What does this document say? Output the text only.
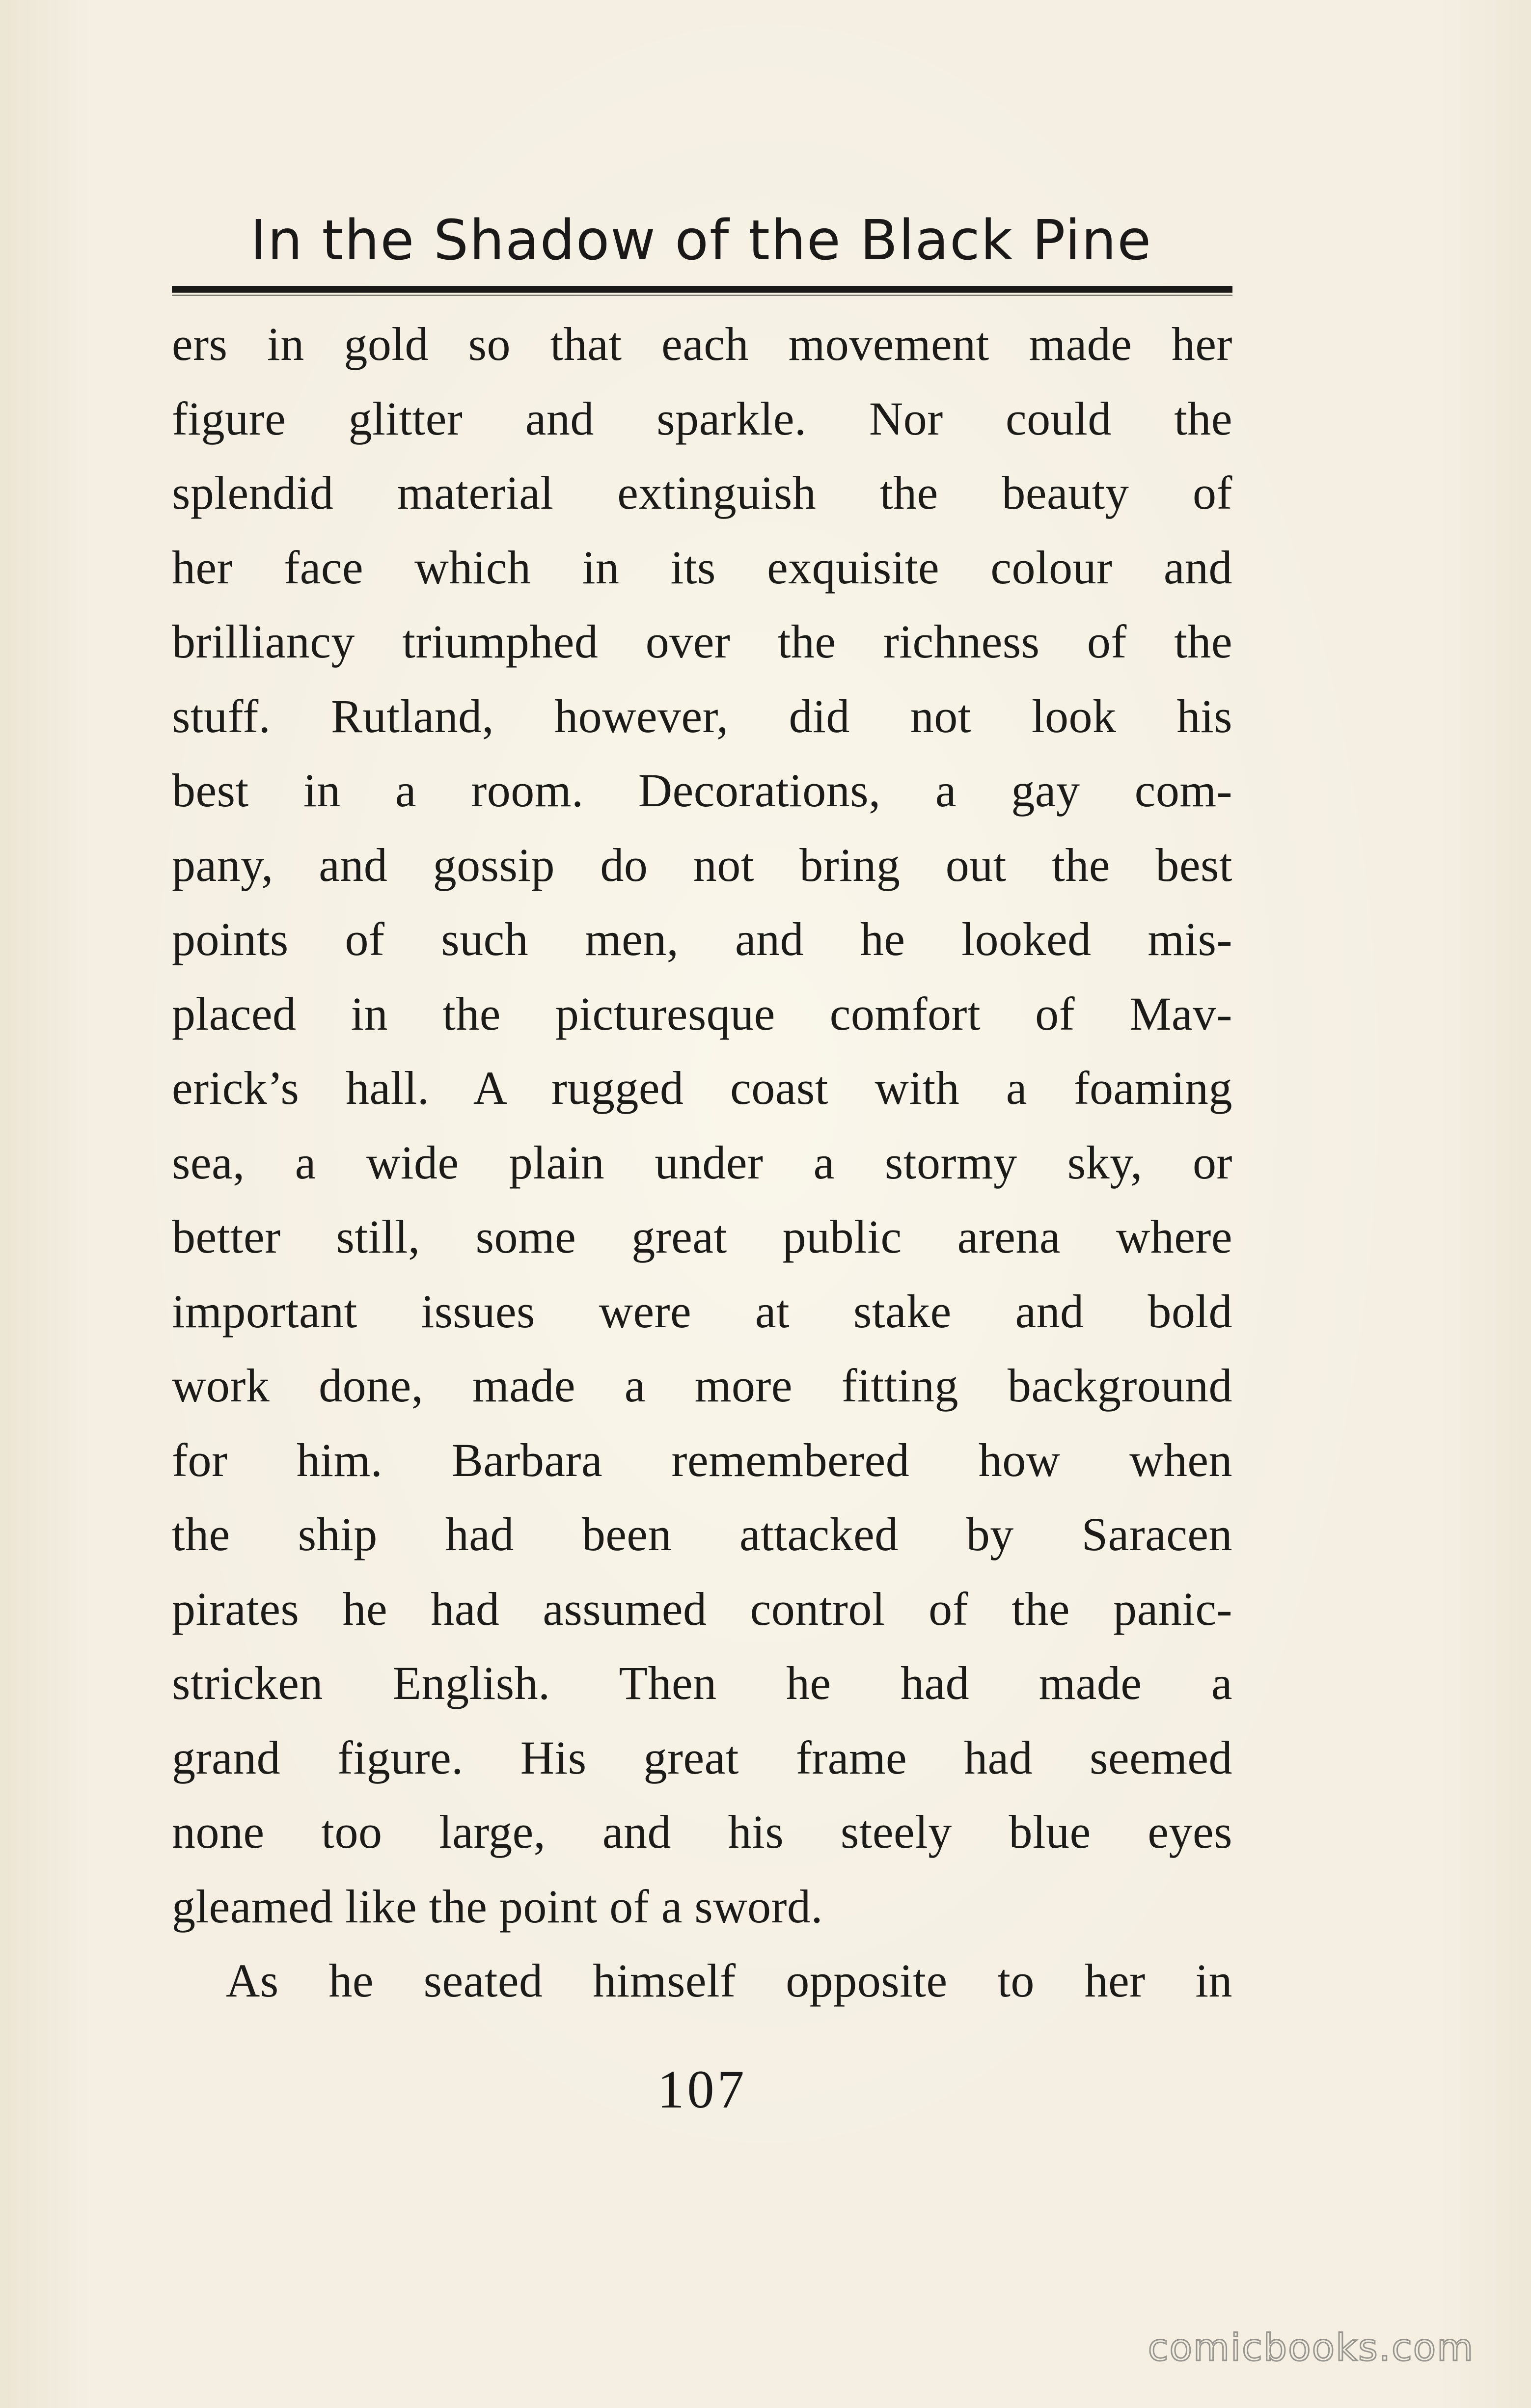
In the Shadow of the Black Pine
ers in gold so that each movement made her
figure glitter and sparkle. Nor could the
splendid material extinguish the beauty of
her face which in its exquisite colour and
brilliancy triumphed over the richness of the
stuff. Rutland, however, did not look his
best in a room. Decorations, a gay com-
pany, and gossip do not bring out the best
points of such men, and he looked mis-
placed in the picturesque comfort of Mav-
erick’s hall. A rugged coast with a foaming
sea, a wide plain under a stormy sky, or
better still, some great public arena where
important issues were at stake and bold
work done, made a more fitting background
for him. Barbara remembered how when
the ship had been attacked by Saracen
pirates he had assumed control of the panic-
stricken English. Then he had made a
grand figure. His great frame had seemed
none too large, and his steely blue eyes
gleamed like the point of a sword.
As he seated himself opposite to her in
107
comicbooks.com
